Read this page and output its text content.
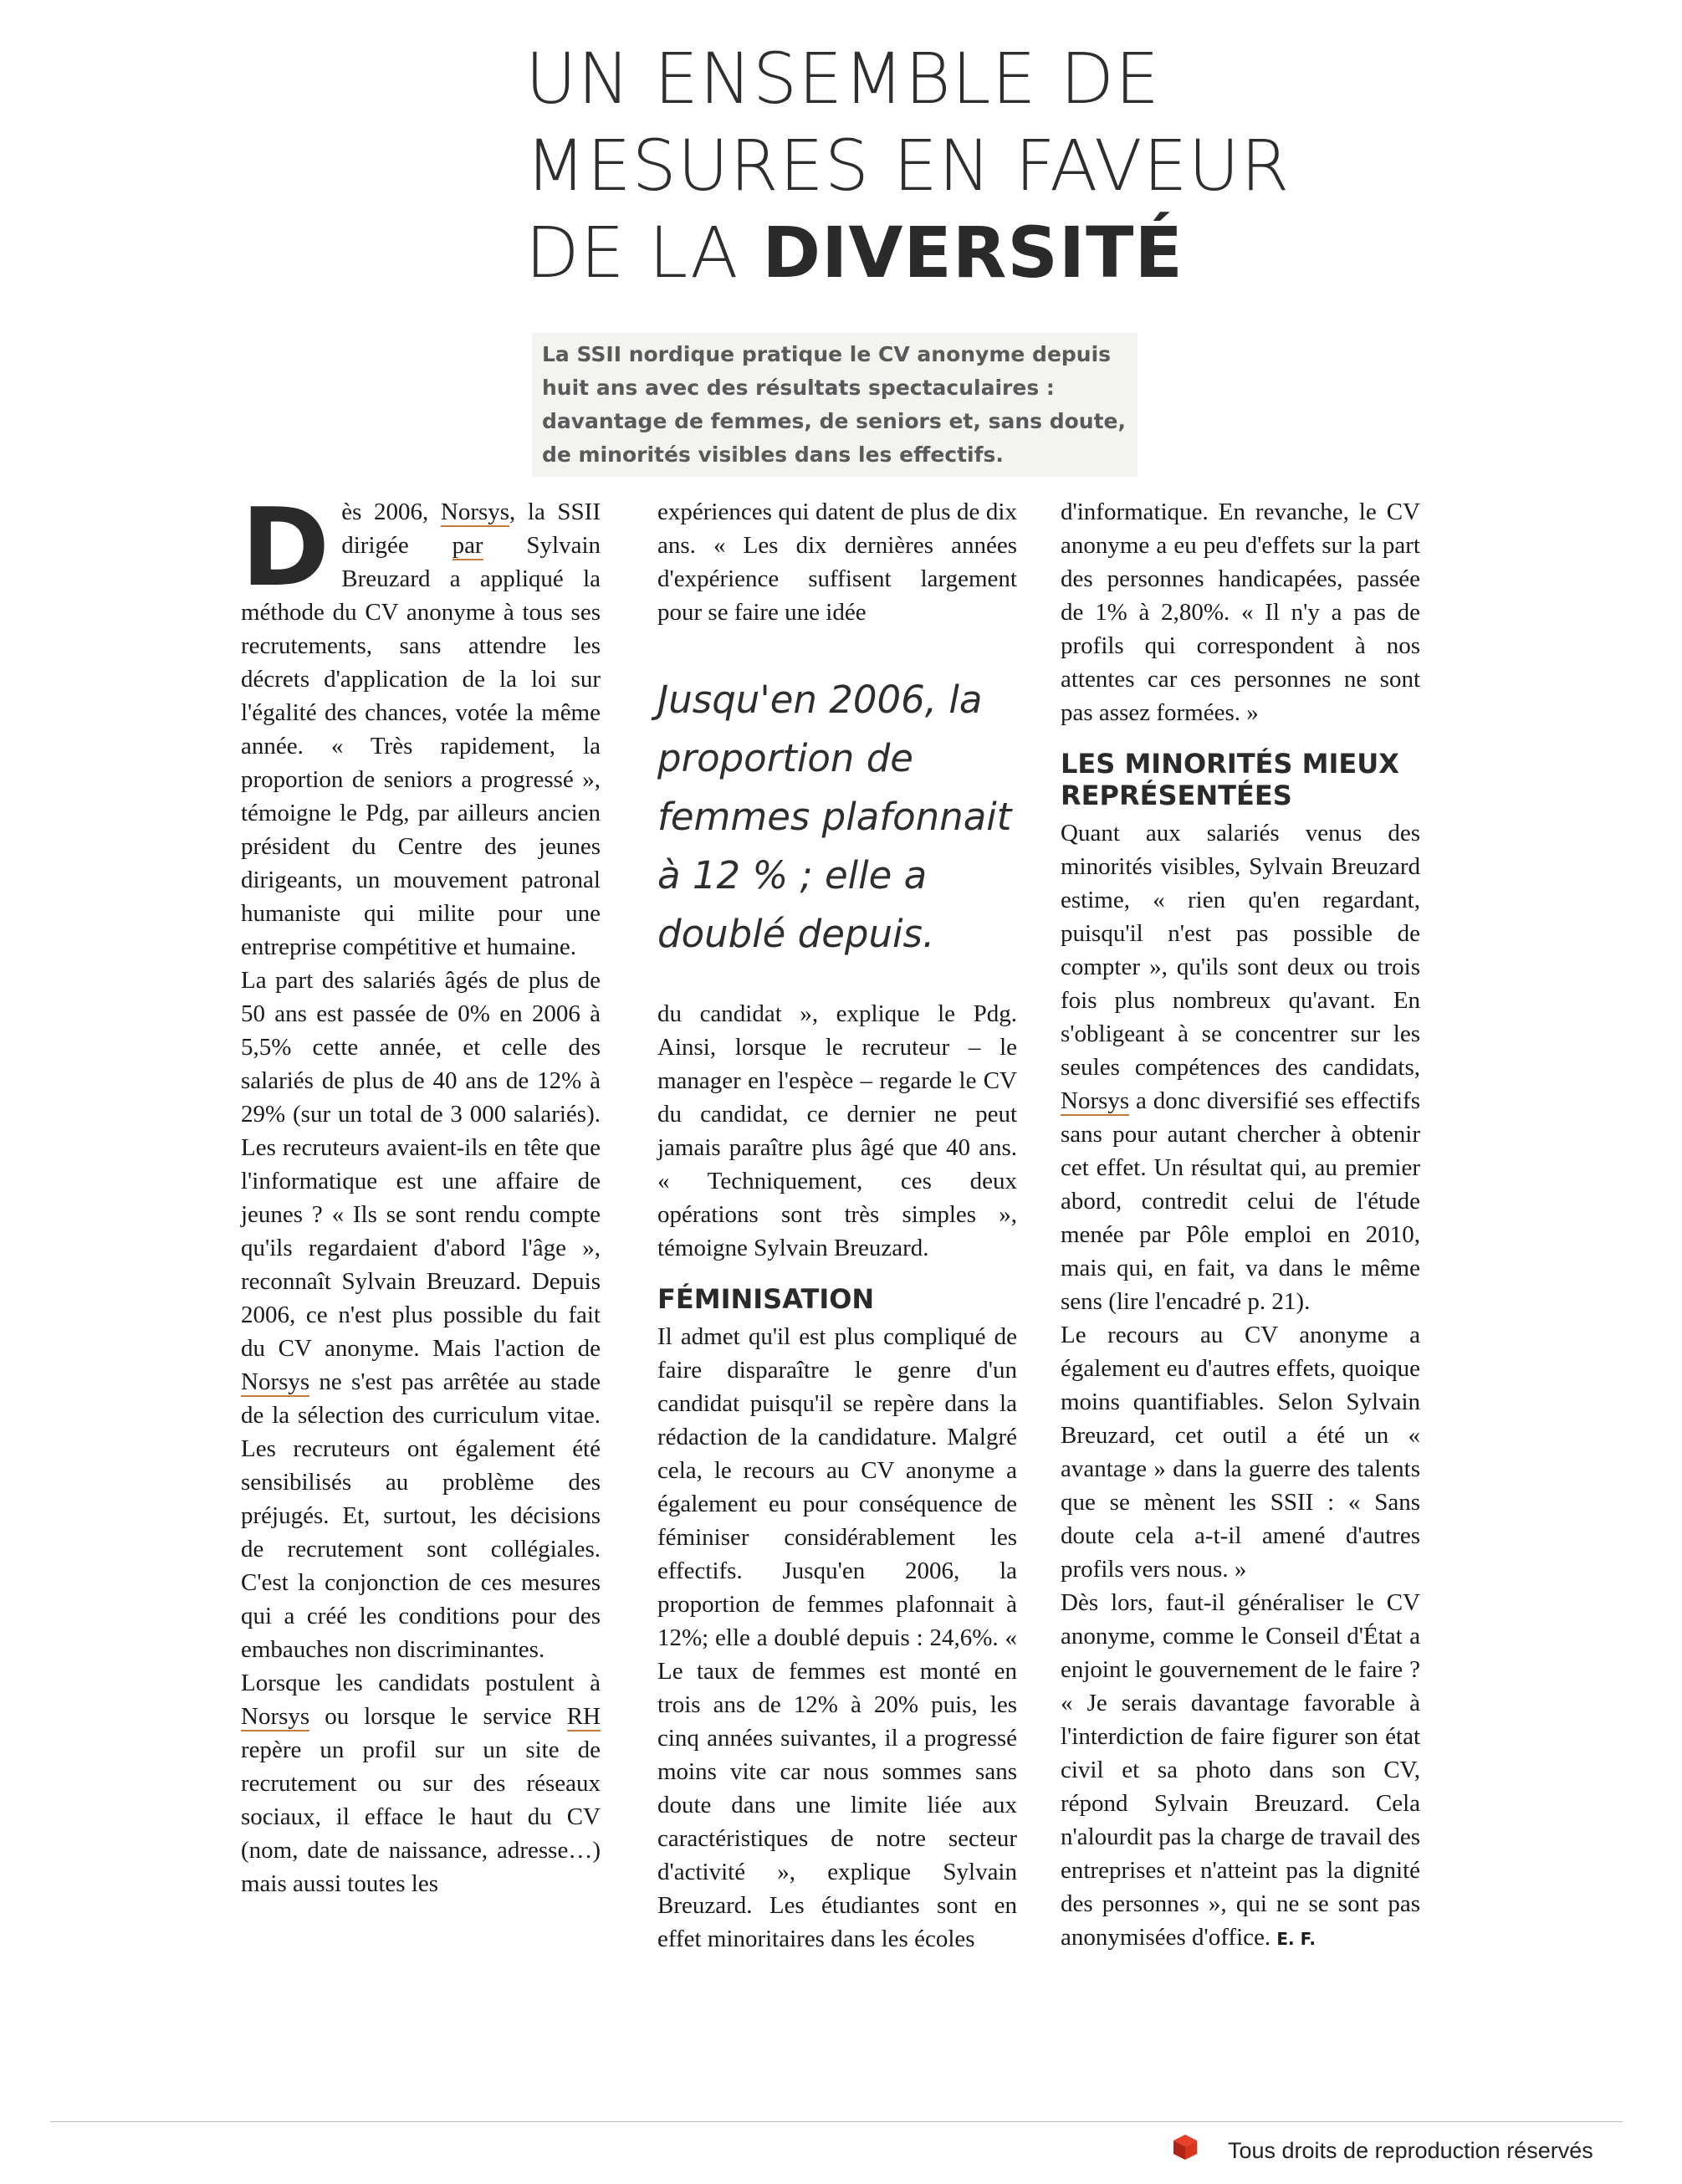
UN ENSEMBLE DE
MESURES EN FAVEUR
DE LA DIVERSITÉ
La SSII nordique pratique le CV anonyme depuis huit ans avec des résultats spectaculaires : davantage de femmes, de seniors et, sans doute, de minorités visibles dans les effectifs.

Dès 2006, Norsys, la SSII dirigée par Sylvain Breuzard a appliqué la méthode du CV anonyme à tous ses recrutements, sans attendre les décrets d'application de la loi sur l'égalité des chances, votée la même année. « Très rapidement, la proportion de seniors a progressé », témoigne le Pdg, par ailleurs ancien président du Centre des jeunes dirigeants, un mouvement patronal humaniste qui milite pour une entreprise compétitive et humaine.

La part des salariés âgés de plus de 50 ans est passée de 0% en 2006 à 5,5% cette année, et celle des salariés de plus de 40 ans de 12% à 29% (sur un total de 3 000 salariés). Les recruteurs avaient-ils en tête que l'informatique est une affaire de jeunes ? « Ils se sont rendu compte qu'ils regardaient d'abord l'âge », reconnaît Sylvain Breuzard. Depuis 2006, ce n'est plus possible du fait du CV anonyme. Mais l'action de Norsys ne s'est pas arrêtée au stade de la sélection des curriculum vitae. Les recruteurs ont également été sensibilisés au problème des préjugés. Et, surtout, les décisions de recrutement sont collégiales. C'est la conjonction de ces mesures qui a créé les conditions pour des embauches non discriminantes.

Lorsque les candidats postulent à Norsys ou lorsque le service RH repère un profil sur un site de recrutement ou sur des réseaux sociaux, il efface le haut du CV (nom, date de naissance, adresse…) mais aussi toutes les

expériences qui datent de plus de dix ans. « Les dix dernières années d'expérience suffisent largement pour se faire une idée

Jusqu'en 2006, la proportion de femmes plafonnait à 12 % ; elle a doublé depuis.

du candidat », explique le Pdg. Ainsi, lorsque le recruteur – le manager en l'espèce – regarde le CV du candidat, ce dernier ne peut jamais paraître plus âgé que 40 ans. « Techniquement, ces deux opérations sont très simples », témoigne Sylvain Breuzard.

FÉMINISATION

Il admet qu'il est plus compliqué de faire disparaître le genre d'un candidat puisqu'il se repère dans la rédaction de la candidature. Malgré cela, le recours au CV anonyme a également eu pour conséquence de féminiser considérablement les effectifs. Jusqu'en 2006, la proportion de femmes plafonnait à 12%; elle a doublé depuis : 24,6%. « Le taux de femmes est monté en trois ans de 12% à 20% puis, les cinq années suivantes, il a progressé moins vite car nous sommes sans doute dans une limite liée aux caractéristiques de notre secteur d'activité », explique Sylvain Breuzard. Les étudiantes sont en effet minoritaires dans les écoles

d'informatique. En revanche, le CV anonyme a eu peu d'effets sur la part des personnes handicapées, passée de 1% à 2,80%. « Il n'y a pas de profils qui correspondent à nos attentes car ces personnes ne sont pas assez formées. »

LES MINORITÉS MIEUX REPRÉSENTÉES

Quant aux salariés venus des minorités visibles, Sylvain Breuzard estime, « rien qu'en regardant, puisqu'il n'est pas possible de compter », qu'ils sont deux ou trois fois plus nombreux qu'avant. En s'obligeant à se concentrer sur les seules compétences des candidats, Norsys a donc diversifié ses effectifs sans pour autant chercher à obtenir cet effet. Un résultat qui, au premier abord, contredit celui de l'étude menée par Pôle emploi en 2010, mais qui, en fait, va dans le même sens (lire l'encadré p. 21).

Le recours au CV anonyme a également eu d'autres effets, quoique moins quantifiables. Selon Sylvain Breuzard, cet outil a été un « avantage » dans la guerre des talents que se mènent les SSII : « Sans doute cela a-t-il amené d'autres profils vers nous. »

Dès lors, faut-il généraliser le CV anonyme, comme le Conseil d'État a enjoint le gouvernement de le faire ? « Je serais davantage favorable à l'interdiction de faire figurer son état civil et sa photo dans son CV, répond Sylvain Breuzard. Cela n'alourdit pas la charge de travail des entreprises et n'atteint pas la dignité des personnes », qui ne se sont pas anonymisées d'office. E. F.

Tous droits de reproduction réservés
